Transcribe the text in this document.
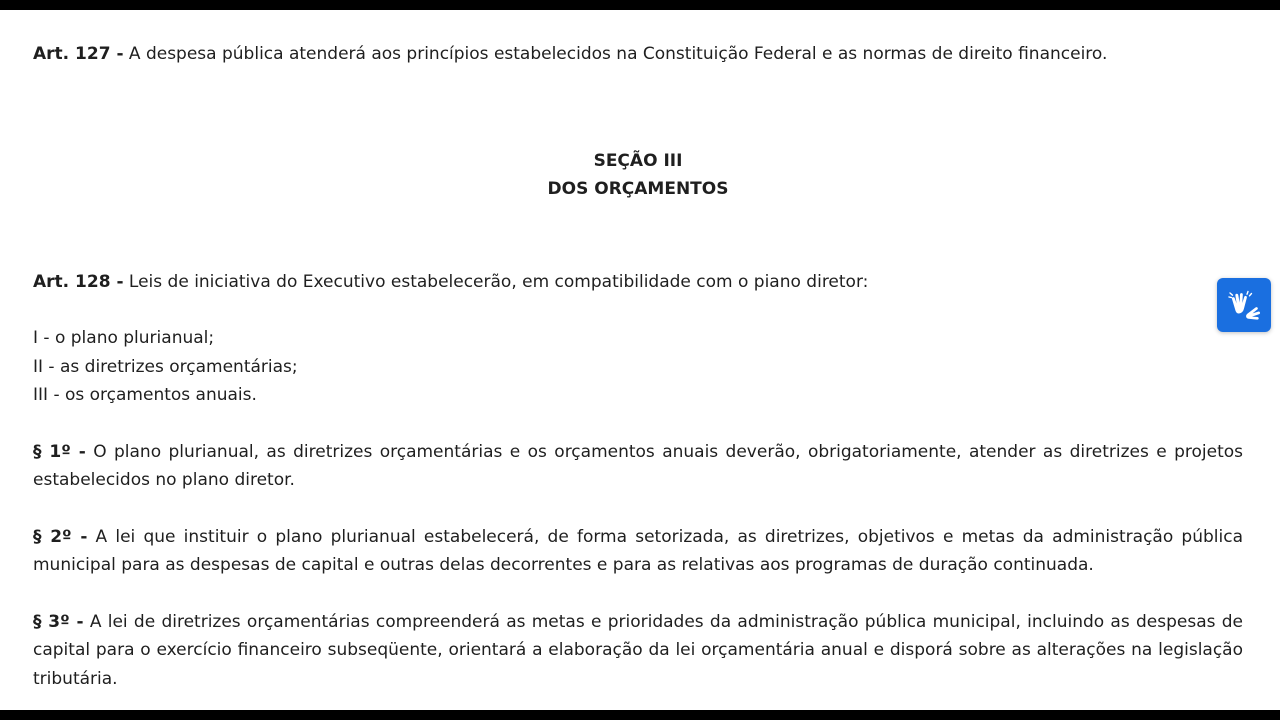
Art. 127 - A despesa pública atenderá aos princípios estabelecidos na Constituição Federal e as normas de direito financeiro.

SEÇÃO III
DOS ORÇAMENTOS

Art. 128 - Leis de iniciativa do Executivo estabelecerão, em compatibilidade com o piano diretor:

I - o plano plurianual;

II - as diretrizes orçamentárias;

III - os orçamentos anuais.

§ 1º - O plano plurianual, as diretrizes orçamentárias e os orçamentos anuais deverão, obrigatoriamente, atender as diretrizes e projetos estabelecidos no plano diretor.

§ 2º - A lei que instituir o plano plurianual estabelecerá, de forma setorizada, as diretrizes, objetivos e metas da administração pública municipal para as despesas de capital e outras delas decorrentes e para as relativas aos programas de duração continuada.

§ 3º - A lei de diretrizes orçamentárias compreenderá as metas e prioridades da administração pública municipal, incluindo as despesas de capital para o exercício financeiro subseqüente, orientará a elaboração da lei orçamentária anual e disporá sobre as alterações na legislação tributária.
